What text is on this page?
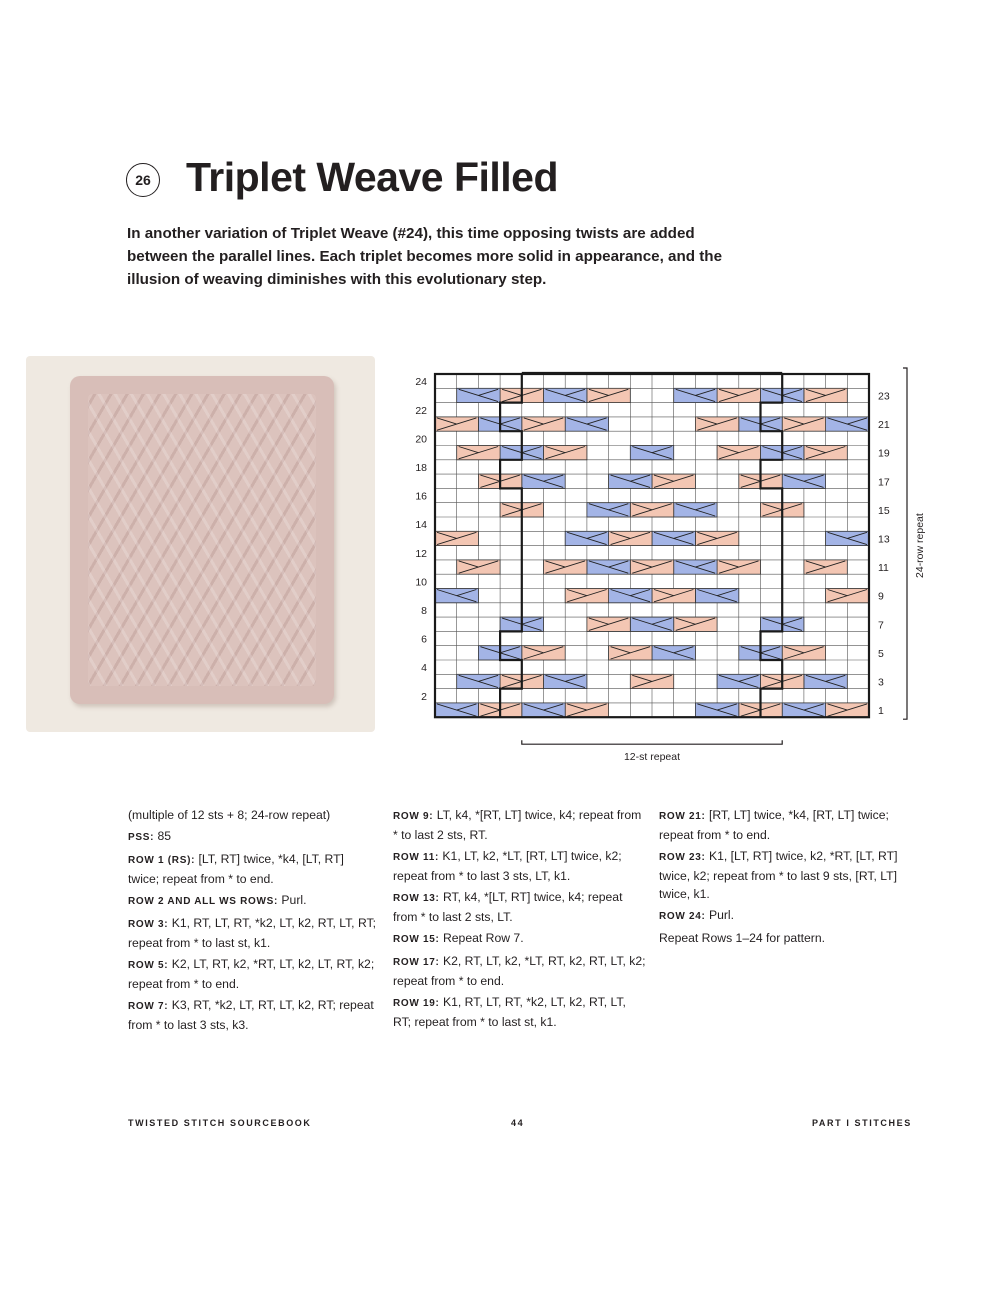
26 Triplet Weave Filled
In another variation of Triplet Weave (#24), this time opposing twists are added between the parallel lines. Each triplet becomes more solid in appearance, and the illusion of weaving diminishes with this evolutionary step.
2
4
6
8
10
12
14
16
18
20
22
24
1
3
5
7
9
11
13
15
17
19
21
23
24-row repeat
12-st repeat

(multiple of 12 sts + 8; 24-row repeat)

PSS: 85

ROW 1 (RS): [LT, RT] twice, *k4, [LT, RT] twice; repeat from * to end.

ROW 2 AND ALL WS ROWS: Purl.

ROW 3: K1, RT, LT, RT, *k2, LT, k2, RT, LT, RT; repeat from * to last st, k1.

ROW 5: K2, LT, RT, k2, *RT, LT, k2, LT, RT, k2; repeat from * to end.

ROW 7: K3, RT, *k2, LT, RT, LT, k2, RT; repeat from * to last 3 sts, k3.

ROW 9: LT, k4, *[RT, LT] twice, k4; repeat from * to last 2 sts, RT.

ROW 11: K1, LT, k2, *LT, [RT, LT] twice, k2; repeat from * to last 3 sts, LT, k1.

ROW 13: RT, k4, *[LT, RT] twice, k4; repeat from * to last 2 sts, LT.

ROW 15: Repeat Row 7.

ROW 17: K2, RT, LT, k2, *LT, RT, k2, RT, LT, k2; repeat from * to end.

ROW 19: K1, RT, LT, RT, *k2, LT, k2, RT, LT, RT; repeat from * to last st, k1.

ROW 21: [RT, LT] twice, *k4, [RT, LT] twice; repeat from * to end.

ROW 23: K1, [LT, RT] twice, k2, *RT, [LT, RT] twice, k2; repeat from * to last 9 sts, [RT, LT] twice, k1.

ROW 24: Purl.

Repeat Rows 1–24 for pattern.

TWISTED STITCH SOURCEBOOK	44	PART I STITCHES
